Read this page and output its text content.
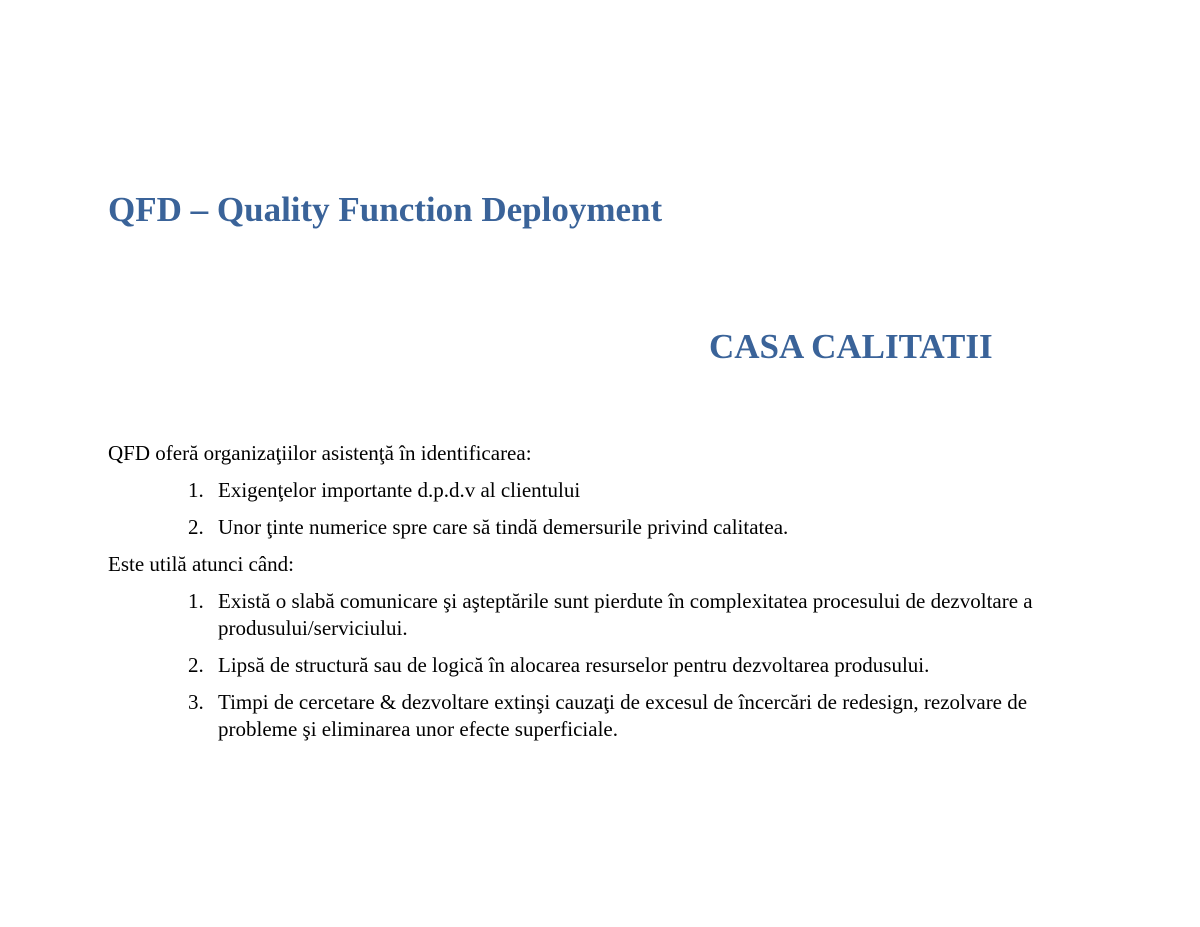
QFD – Quality Function Deployment
CASA CALITATII

QFD oferă organizaţiilor asistenţă în identificarea:

1. Exigenţelor importante d.p.d.v al clientului
2. Unor ţinte numerice spre care să tindă demersurile privind calitatea.

Este utilă atunci când:

1. Există o slabă comunicare şi aşteptările sunt pierdute în complexitatea procesului de dezvoltare a produsului/serviciului.
2. Lipsă de structură sau de logică în alocarea resurselor pentru dezvoltarea produsului.
3. Timpi de cercetare & dezvoltare extinşi cauzaţi de excesul de încercări de redesign, rezolvare de probleme şi eliminarea unor efecte superficiale.
